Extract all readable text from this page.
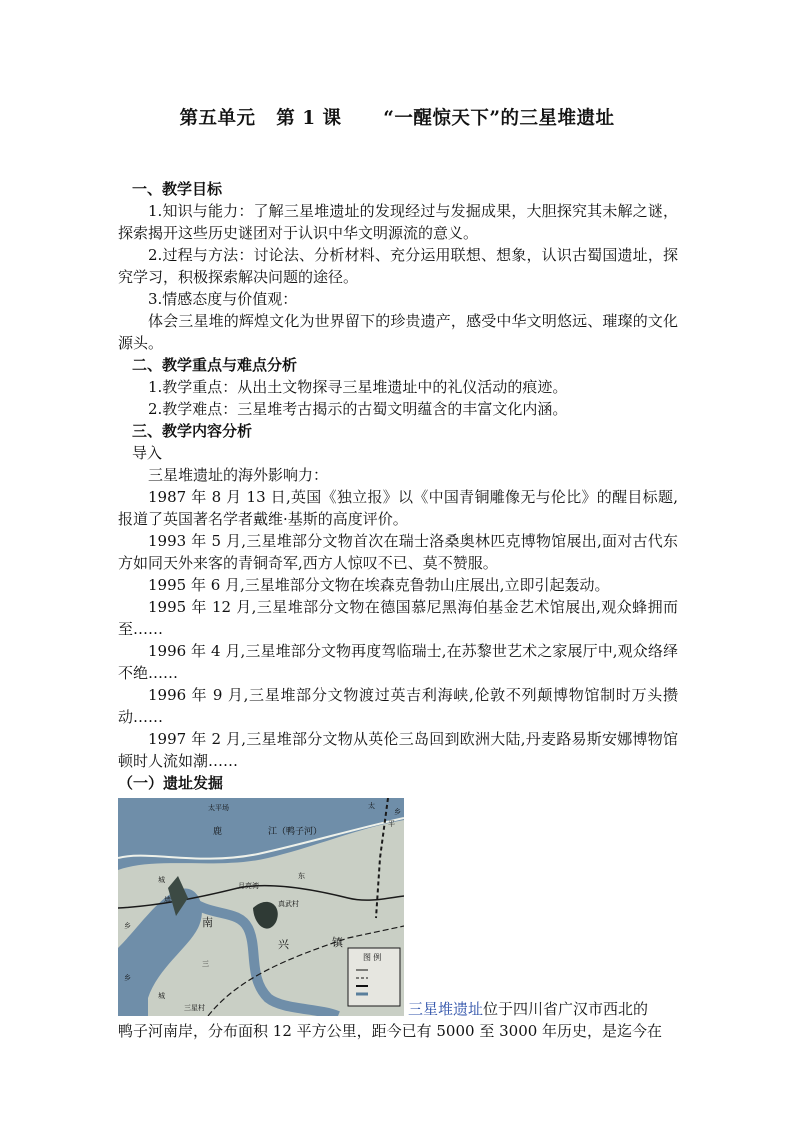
第五单元   第 1 课      “一醒惊天下”的三星堆遗址

一、教学目标

1.知识与能力：了解三星堆遗址的发现经过与发掘成果，大胆探究其未解之谜，探索揭开这些历史谜团对于认识中华文明源流的意义。

2.过程与方法：讨论法、分析材料、充分运用联想、想象，认识古蜀国遗址，探究学习，积极探索解决问题的途径。

3.情感态度与价值观：

体会三星堆的辉煌文化为世界留下的珍贵遗产，感受中华文明悠远、璀璨的文化源头。

二、教学重点与难点分析

1.教学重点：从出土文物探寻三星堆遗址中的礼仪活动的痕迹。

2.教学难点：三星堆考古揭示的古蜀文明蕴含的丰富文化内涵。

三、教学内容分析

导入

三星堆遗址的海外影响力：

1987 年 8 月 13 日,英国《独立报》以《中国青铜雕像无与伦比》的醒目标题,报道了英国著名学者戴维·基斯的高度评价。

1993 年 5 月,三星堆部分文物首次在瑞士洛桑奥林匹克博物馆展出,面对古代东方如同天外来客的青铜奇军,西方人惊叹不已、莫不赞服。

1995 年 6 月,三星堆部分文物在埃森克鲁勃山庄展出,立即引起轰动。

1995 年 12 月,三星堆部分文物在德国慕尼黑海伯基金艺术馆展出,观众蜂拥而至……

1996 年 4 月,三星堆部分文物再度驾临瑞士,在苏黎世艺术之家展厅中,观众络绎不绝……

1996 年 9 月,三星堆部分文物渡过英吉利海峡,伦敦不列颠博物馆制时万头攒动……

1997 年 2 月,三星堆部分文物从英伦三岛回到欧洲大陆,丹麦路易斯安娜博物馆顿时人流如潮……

（一）遗址发掘

图 例
鹿	江（鸭子河）
太平场	太
平
乡
城
墙
南
兴	镇
三
城
真武村
东
乡
乡
三星村
月亮湾
三星堆遗址位于四川省广汉市西北的

鸭子河南岸，分布面积 12 平方公里，距今已有 5000 至 3000 年历史，是迄今在
